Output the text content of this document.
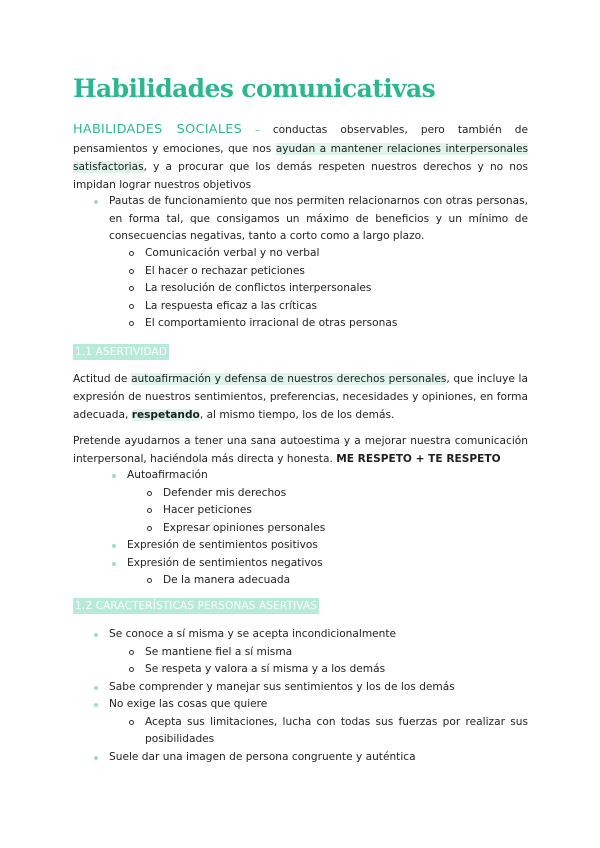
Habilidades comunicativas

HABILIDADES SOCIALES – conductas observables, pero también de pensamientos y emociones, que nos ayudan a mantener relaciones interpersonales satisfactorias, y a procurar que los demás respeten nuestros derechos y no nos impidan lograr nuestros objetivos

Pautas de funcionamiento que nos permiten relacionarnos con otras personas, en forma tal, que consigamos un máximo de beneficios y un mínimo de consecuencias negativas, tanto a corto como a largo plazo.
Comunicación verbal y no verbal
El hacer o rechazar peticiones
La resolución de conflictos interpersonales
La respuesta eficaz a las críticas
El comportamiento irracional de otras personas
1.1 ASERTIVIDAD

Actitud de autoafirmación y defensa de nuestros derechos personales, que incluye la expresión de nuestros sentimientos, preferencias, necesidades y opiniones, en forma adecuada, respetando, al mismo tiempo, los de los demás.

Pretende ayudarnos a tener una sana autoestima y a mejorar nuestra comunicación interpersonal, haciéndola más directa y honesta. ME RESPETO + TE RESPETO

Autoafirmación
Defender mis derechos
Hacer peticiones
Expresar opiniones personales
Expresión de sentimientos positivos
Expresión de sentimientos negativos
De la manera adecuada
1.2 CARACTERÍSTICAS PERSONAS ASERTIVAS
Se conoce a sí misma y se acepta incondicionalmente
Se mantiene fiel a sí misma
Se respeta y valora a sí misma y a los demás
Sabe comprender y manejar sus sentimientos y los de los demás
No exige las cosas que quiere
Acepta sus limitaciones, lucha con todas sus fuerzas por realizar sus posibilidades
Suele dar una imagen de persona congruente y auténtica
